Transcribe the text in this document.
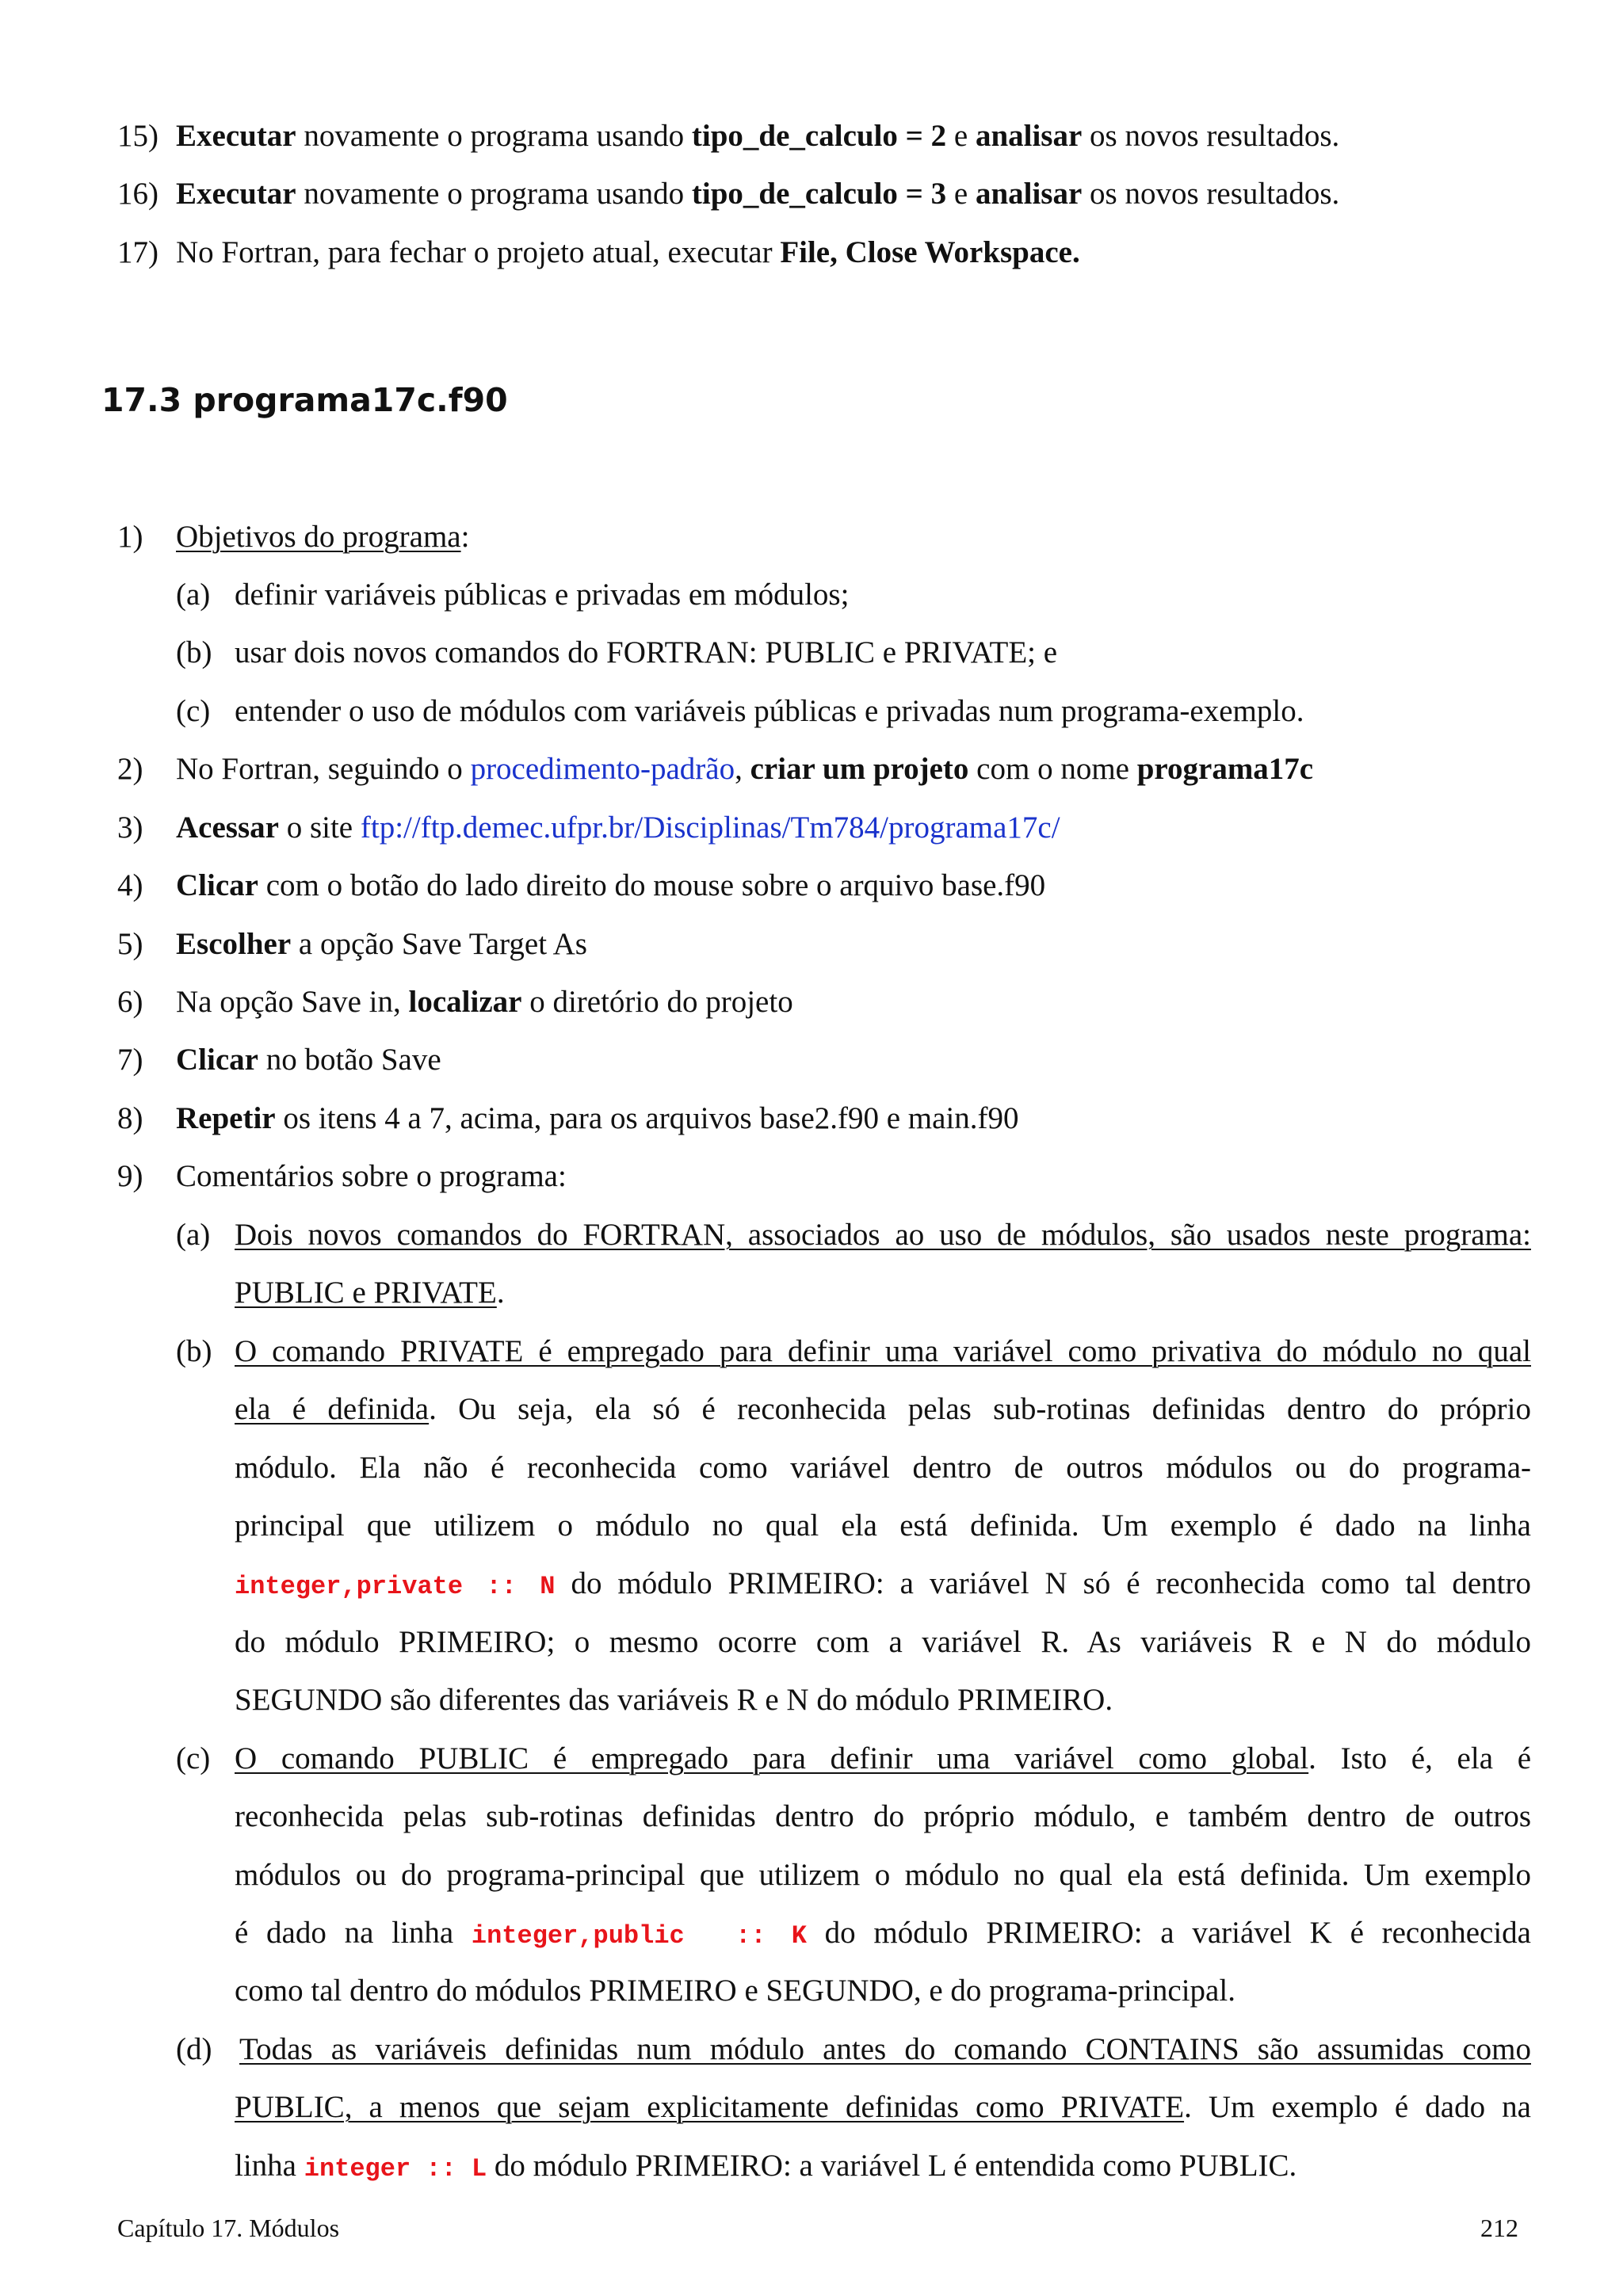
15) Executar novamente o programa usando tipo_de_calculo = 2 e analisar os novos resultados.
16) Executar novamente o programa usando tipo_de_calculo = 3 e analisar os novos resultados.
17) No Fortran, para fechar o projeto atual, executar File, Close Workspace.
17.3 programa17c.f90
1) Objetivos do programa:
(a) definir variáveis públicas e privadas em módulos;
(b) usar dois novos comandos do FORTRAN: PUBLIC e PRIVATE; e
(c) entender o uso de módulos com variáveis públicas e privadas num programa-exemplo.
2) No Fortran, seguindo o procedimento-padrão, criar um projeto com o nome programa17c
3) Acessar o site ftp://ftp.demec.ufpr.br/Disciplinas/Tm784/programa17c/
4) Clicar com o botão do lado direito do mouse sobre o arquivo base.f90
5) Escolher a opção Save Target As
6) Na opção Save in, localizar o diretório do projeto
7) Clicar no botão Save
8) Repetir os itens 4 a 7, acima, para os arquivos base2.f90 e main.f90
9) Comentários sobre o programa:
(a) Dois novos comandos do FORTRAN, associados ao uso de módulos, são usados neste programa:
PUBLIC e PRIVATE.
(b) O comando PRIVATE é empregado para definir uma variável como privativa do módulo no qual
ela é definida. Ou seja, ela só é reconhecida pelas sub-rotinas definidas dentro do próprio
módulo. Ela não é reconhecida como variável dentro de outros módulos ou do programa-
principal que utilizem o módulo no qual ela está definida. Um exemplo é dado na linha
integer,private :: N do módulo PRIMEIRO: a variável N só é reconhecida como tal dentro
do módulo PRIMEIRO; o mesmo ocorre com a variável R. As variáveis R e N do módulo
SEGUNDO são diferentes das variáveis R e N do módulo PRIMEIRO.
(c) O comando PUBLIC é empregado para definir uma variável como global. Isto é, ela é
reconhecida pelas sub-rotinas definidas dentro do próprio módulo, e também dentro de outros
módulos ou do programa-principal que utilizem o módulo no qual ela está definida. Um exemplo
é dado na linha integer,public  :: K do módulo PRIMEIRO: a variável K é reconhecida
como tal dentro do módulos PRIMEIRO e SEGUNDO, e do programa-principal.
(d) Todas as variáveis definidas num módulo antes do comando CONTAINS são assumidas como
PUBLIC, a menos que sejam explicitamente definidas como PRIVATE. Um exemplo é dado na
linha integer :: L do módulo PRIMEIRO: a variável L é entendida como PUBLIC.
Capítulo 17. Módulos	212
